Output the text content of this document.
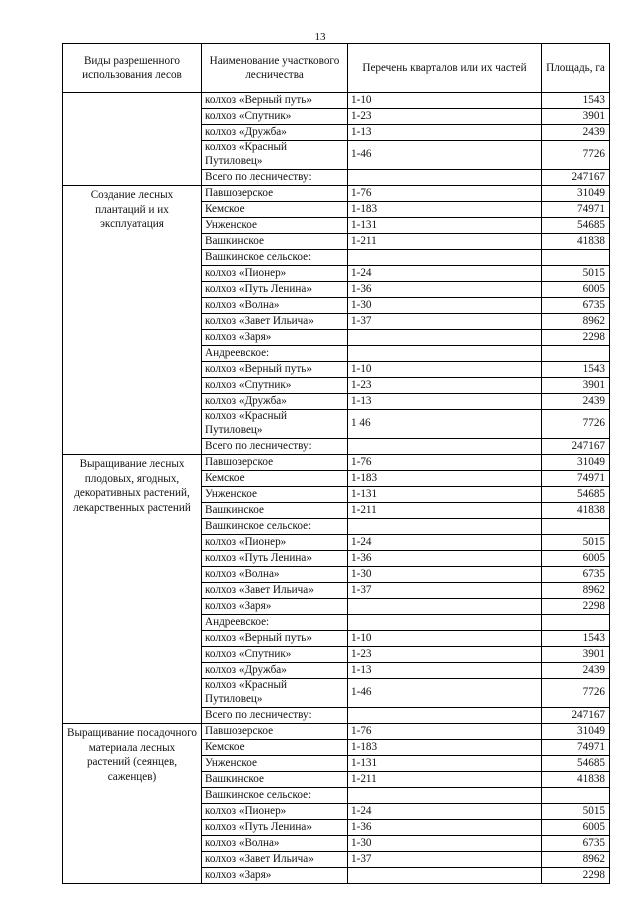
13
Виды разрешенного использования лесов	Наименование участкового лесничества	Перечень кварталов или их частей	Площадь, га
	колхоз «Верный путь»	1-10	1543
	колхоз «Спутник»	1-23	3901
	колхоз «Дружба»	1-13	2439
	колхоз «Красный Путиловец»	1-46	7726
	Всего по лесничеству:		247167
Создание лесных плантаций и их эксплуатация	Павшозерское	1-76	31049
	Кемское	1-183	74971
	Унженское	1-131	54685
	Вашкинское	1-211	41838
	Вашкинское сельское:		
	колхоз «Пионер»	1-24	5015
	колхоз «Путь Ленина»	1-36	6005
	колхоз «Волна»	1-30	6735
	колхоз «Завет Ильича»	1-37	8962
	колхоз «Заря»		2298
	Андреевское:		
	колхоз «Верный путь»	1-10	1543
	колхоз «Спутник»	1-23	3901
	колхоз «Дружба»	1-13	2439
	колхоз «Красный Путиловец»	1 46	7726
	Всего по лесничеству:		247167
Выращивание лесных плодовых, ягодных, декоративных растений, лекарственных растений	Павшозерское	1-76	31049
	Кемское	1-183	74971
	Унженское	1-131	54685
	Вашкинское	1-211	41838
	Вашкинское сельское:		
	колхоз «Пионер»	1-24	5015
	колхоз «Путь Ленина»	1-36	6005
	колхоз «Волна»	1-30	6735
	колхоз «Завет Ильича»	1-37	8962
	колхоз «Заря»		2298
	Андреевское:		
	колхоз «Верный путь»	1-10	1543
	колхоз «Спутник»	1-23	3901
	колхоз «Дружба»	1-13	2439
	колхоз «Красный Путиловец»	1-46	7726
	Всего по лесничеству:		247167
Выращивание посадочного материала лесных растений (сеянцев, саженцев)	Павшозерское	1-76	31049
	Кемское	1-183	74971
	Унженское	1-131	54685
	Вашкинское	1-211	41838
	Вашкинское сельское:		
	колхоз «Пионер»	1-24	5015
	колхоз «Путь Ленина»	1-36	6005
	колхоз «Волна»	1-30	6735
	колхоз «Завет Ильича»	1-37	8962
	колхоз «Заря»		2298
